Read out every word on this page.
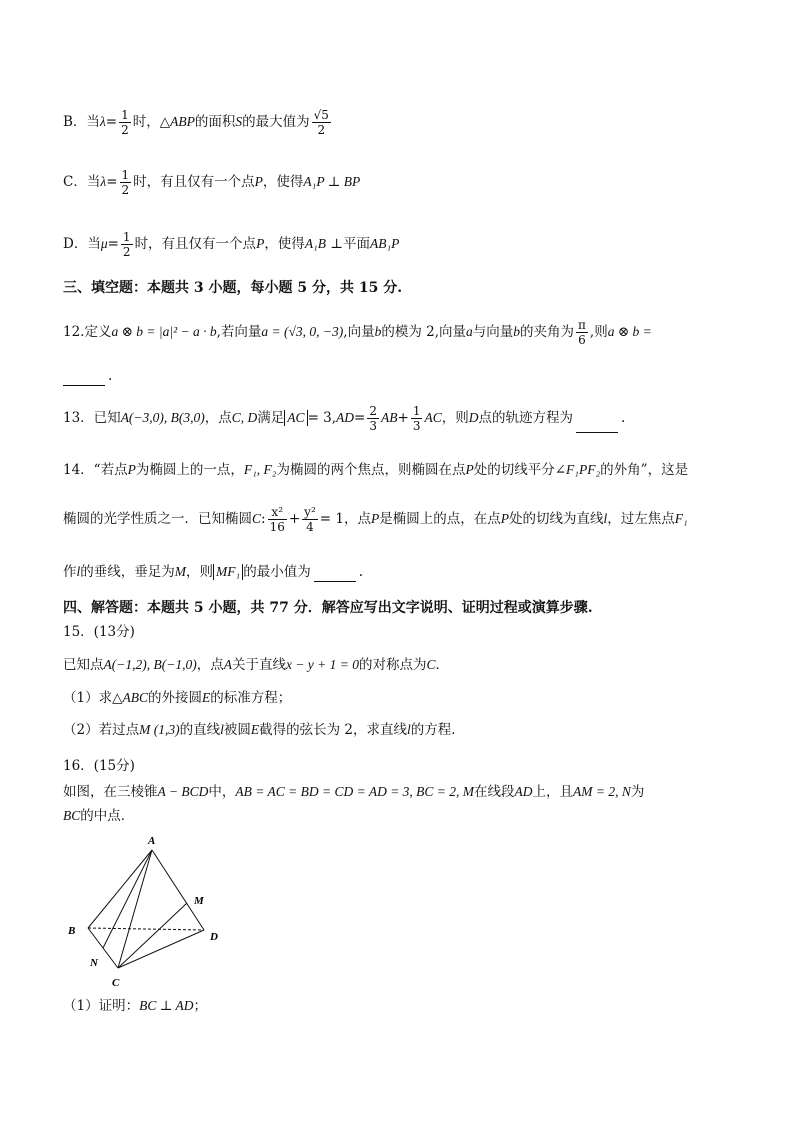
B．当$\lambda= \frac{1}{2}$ 时，△ABP的面积S的最大值为 $\frac{√5}{2}$
C．当$\lambda= \frac{1}{2}$ 时，有且仅有一个点P，使得A₁P ⊥ BP
D．当$\mu= \frac{1}{2}$ 时，有且仅有一个点P，使得A₁B ⊥平面AB₁P
三、填空题：本题共 3 小题，每小题 5 分，共 15 分.
12.定义a ⊗ b = |a|² − a · b,若向量a = (√3, 0, −3),向量b的模为 2,向量a与向量b的夹角为 $\frac{\pi}{6}$ ,则a ⊗ b =
.
13．已知A(−3,0), B(3,0)，点C, D满足 AC = $3,AD= \frac{2}{3} AB+ \frac{1}{3}$ AC，则D点的轨迹方程为	.
14．“若点P为椭圆上的一点，F₁, F₂为椭圆的两个焦点，则椭圆在点P处的切线平分∠F₁PF₂的外角”，这是
椭圆的光学性质之一．已知椭圆C: $\frac{\text{x²}}{16} + \frac{\text{y²}}{4} = 1$，点P是椭圆上的点，在点P处的切线为直线l，过左焦点F₁
作l的垂线，垂足为M，则 MF₁ 的最小值为	.
四、解答题：本题共 5 小题，共 77 分．解答应写出文字说明、证明过程或演算步骤.
15．(13分)
已知点A(−1,2), B(−1,0)，点A关于直线x − y + 1 = 0的对称点为C．
（1）求△ABC的外接圆E的标准方程；
（2）若过点M (1,3)的直线l被圆E截得的弦长为 2，求直线l的方程．
16．(15分)
如图，在三棱锥A − BCD中，AB = AC = BD = CD = AD = 3, BC = 2, M在线段AD上，且AM = 2, N为
BC的中点．
A
B
C
D
M
N
（1）证明：BC ⊥ AD；
